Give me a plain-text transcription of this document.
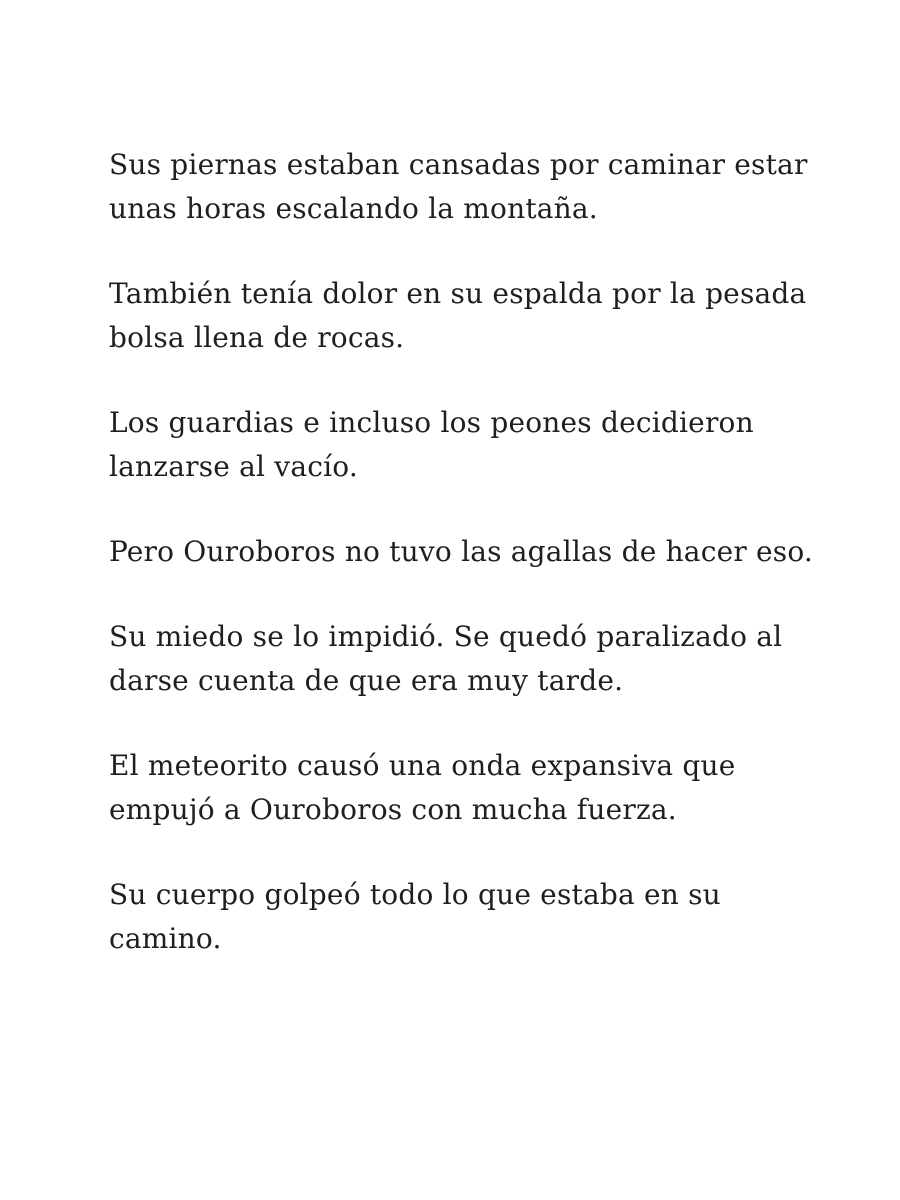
Sus piernas estaban cansadas por caminar estar
unas horas escalando la montaña.

También tenía dolor en su espalda por la pesada
bolsa llena de rocas.

Los guardias e incluso los peones decidieron
lanzarse al vacío.

Pero Ouroboros no tuvo las agallas de hacer eso.

Su miedo se lo impidió. Se quedó paralizado al
darse cuenta de que era muy tarde.

El meteorito causó una onda expansiva que
empujó a Ouroboros con mucha fuerza.

Su cuerpo golpeó todo lo que estaba en su
camino.
